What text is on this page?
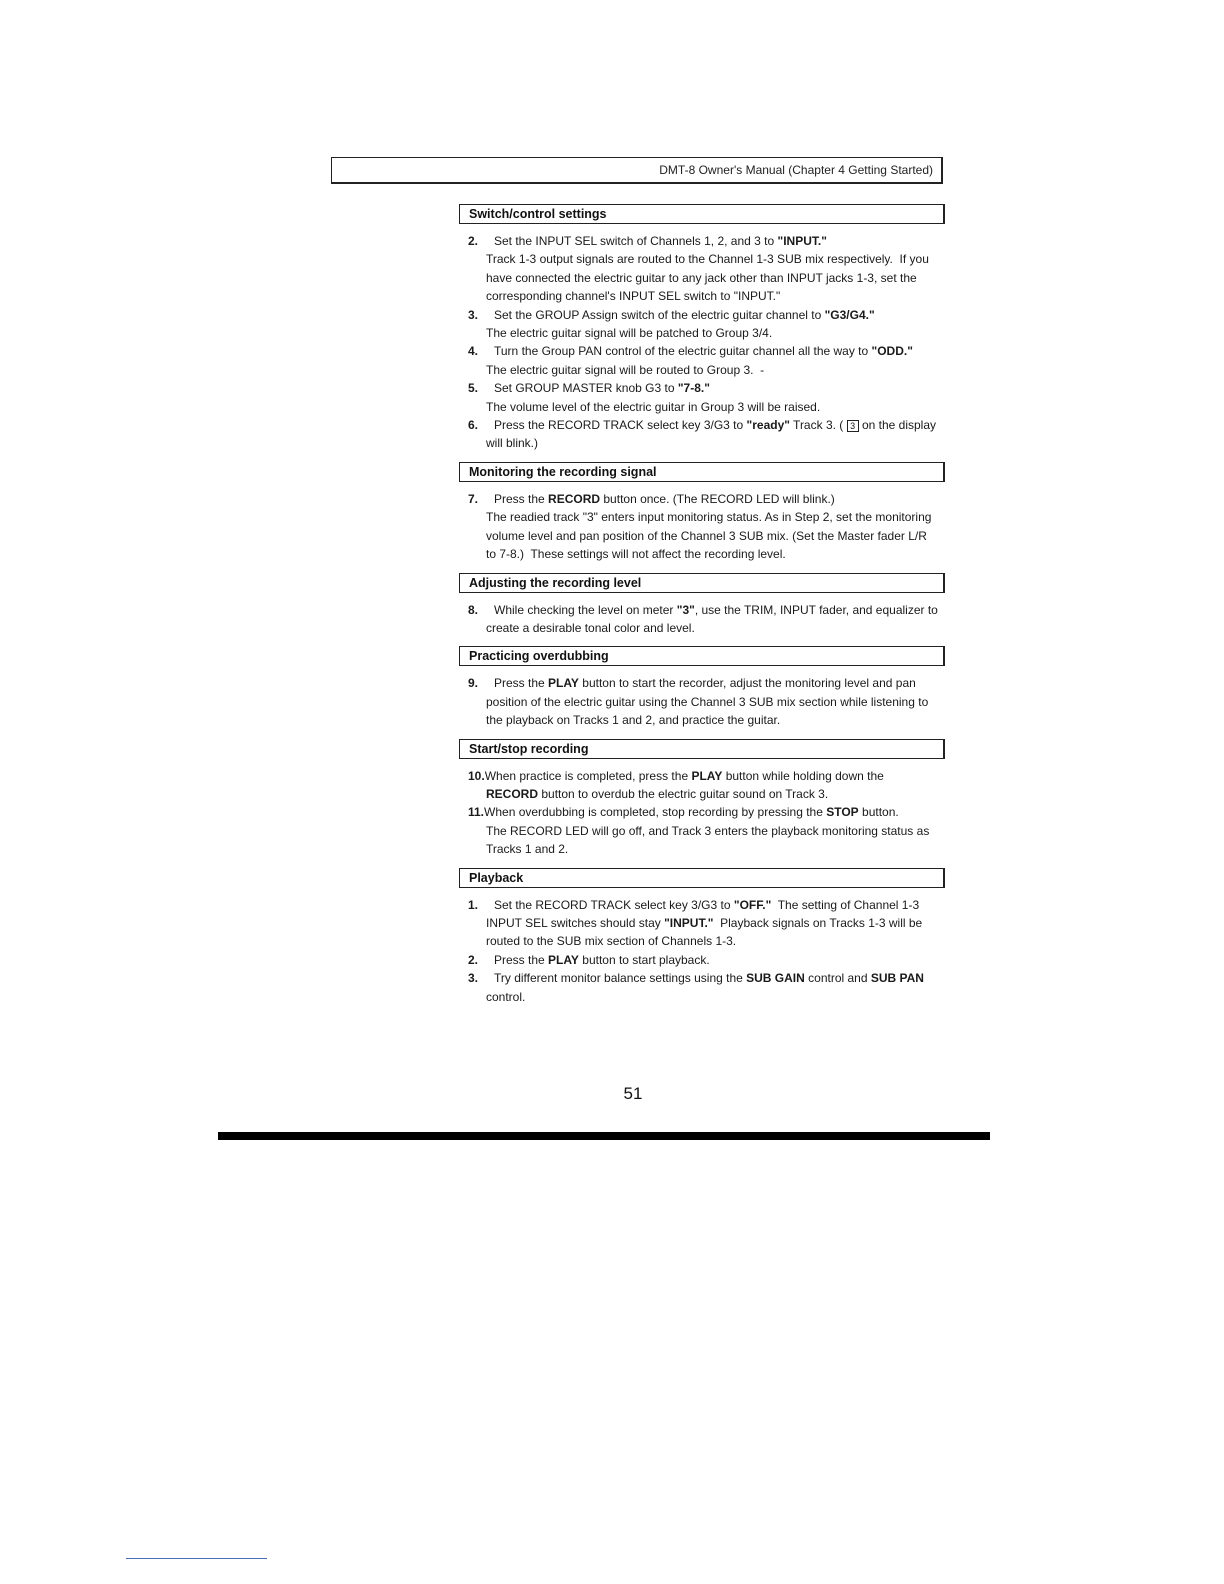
DMT-8 Owner's Manual (Chapter 4 Getting Started)
Switch/control settings
2.	Set the INPUT SEL switch of Channels 1, 2, and 3 to "INPUT."
Track 1-3 output signals are routed to the Channel 1-3 SUB mix respectively.  If you
have connected the electric guitar to any jack other than INPUT jacks 1-3, set the
corresponding channel's INPUT SEL switch to "INPUT."
3.	Set the GROUP Assign switch of the electric guitar channel to "G3/G4."
The electric guitar signal will be patched to Group 3/4.
4.	Turn the Group PAN control of the electric guitar channel all the way to "ODD."
The electric guitar signal will be routed to Group 3.  -
5.	Set GROUP MASTER knob G3 to "7-8."
The volume level of the electric guitar in Group 3 will be raised.
6.	Press the RECORD TRACK select key 3/G3 to "ready" Track 3. ( 3 on the display
will blink.)
Monitoring the recording signal
7.	Press the RECORD button once. (The RECORD LED will blink.)
The readied track "3" enters input monitoring status. As in Step 2, set the monitoring
volume level and pan position of the Channel 3 SUB mix. (Set the Master fader L/R
to 7-8.)  These settings will not affect the recording level.
Adjusting the recording level
8.	While checking the level on meter "3", use the TRIM, INPUT fader, and equalizer to
create a desirable tonal color and level.
Practicing overdubbing
9.	Press the PLAY button to start the recorder, adjust the monitoring level and pan
position of the electric guitar using the Channel 3 SUB mix section while listening to
the playback on Tracks 1 and 2, and practice the guitar.
Start/stop recording
10. When practice is completed, press the PLAY button while holding down the
RECORD button to overdub the electric guitar sound on Track 3.
11. When overdubbing is completed, stop recording by pressing the STOP button.
The RECORD LED will go off, and Track 3 enters the playback monitoring status as
Tracks 1 and 2.
Playback
1.	Set the RECORD TRACK select key 3/G3 to "OFF."  The setting of Channel 1-3
INPUT SEL switches should stay "INPUT."  Playback signals on Tracks 1-3 will be
routed to the SUB mix section of Channels 1-3.
2.	Press the PLAY button to start playback.
3.	Try different monitor balance settings using the SUB GAIN control and SUB PAN
control.
51
